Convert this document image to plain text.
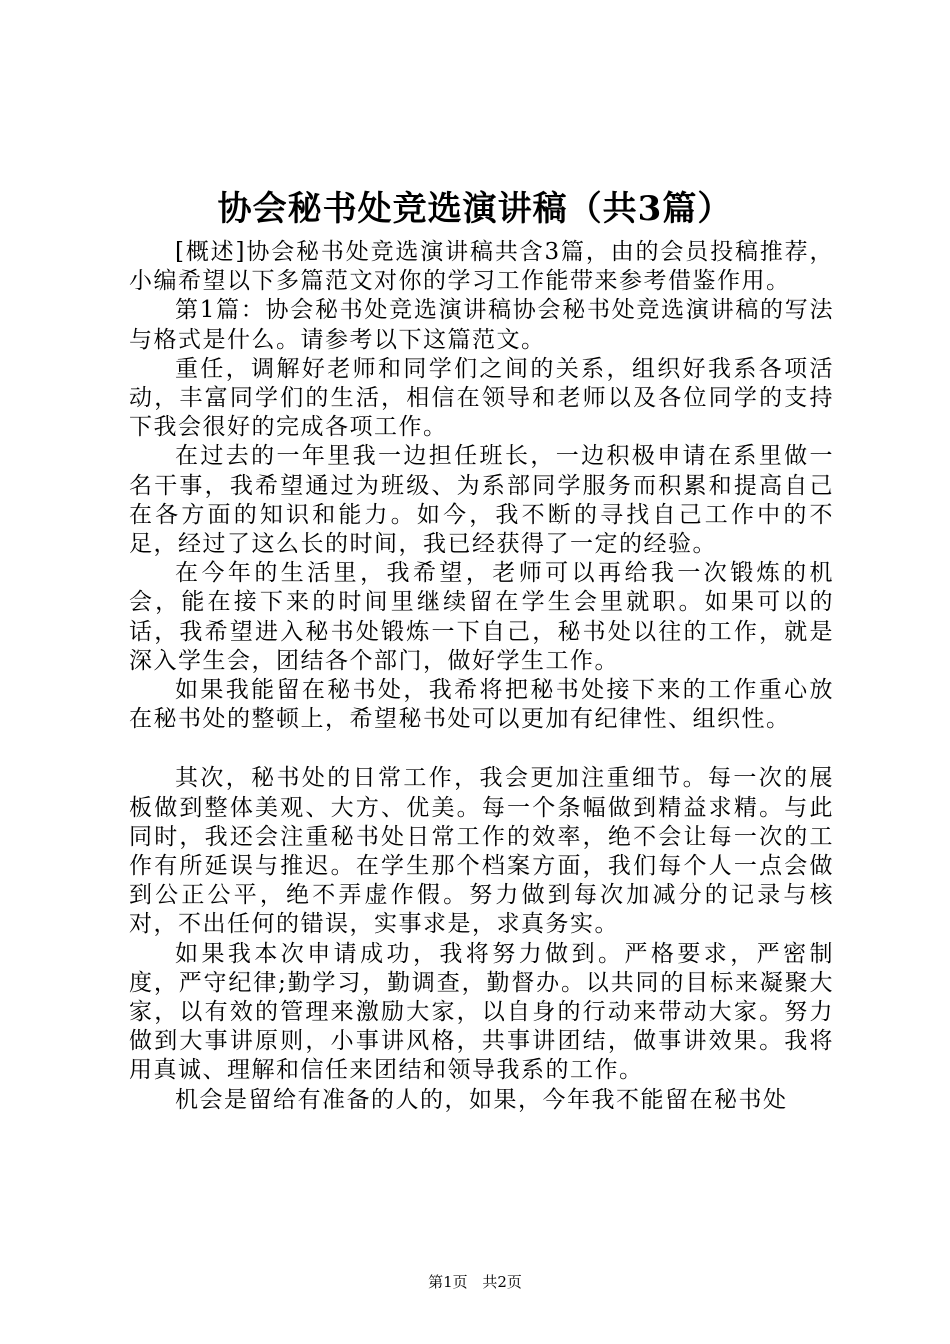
协会秘书处竞选演讲稿（共3篇）

[概述]协会秘书处竞选演讲稿共含3篇，由的会员投稿推荐，小编希望以下多篇范文对你的学习工作能带来参考借鉴作用。

第1篇：协会秘书处竞选演讲稿协会秘书处竞选演讲稿的写法与格式是什么。请参考以下这篇范文。

重任，调解好老师和同学们之间的关系，组织好我系各项活动，丰富同学们的生活，相信在领导和老师以及各位同学的支持下我会很好的完成各项工作。

在过去的一年里我一边担任班长，一边积极申请在系里做一名干事，我希望通过为班级、为系部同学服务而积累和提高自己在各方面的知识和能力。如今，我不断的寻找自己工作中的不足，经过了这么长的时间，我已经获得了一定的经验。

在今年的生活里，我希望，老师可以再给我一次锻炼的机会，能在接下来的时间里继续留在学生会里就职。如果可以的话，我希望进入秘书处锻炼一下自己，秘书处以往的工作，就是深入学生会，团结各个部门，做好学生工作。

如果我能留在秘书处，我希将把秘书处接下来的工作重心放在秘书处的整顿上，希望秘书处可以更加有纪律性、组织性。

其次，秘书处的日常工作，我会更加注重细节。每一次的展板做到整体美观、大方、优美。每一个条幅做到精益求精。与此同时，我还会注重秘书处日常工作的效率，绝不会让每一次的工作有所延误与推迟。在学生那个档案方面，我们每个人一点会做到公正公平，绝不弄虚作假。努力做到每次加减分的记录与核对，不出任何的错误，实事求是，求真务实。

如果我本次申请成功，我将努力做到。严格要求，严密制度，严守纪律;勤学习，勤调查，勤督办。以共同的目标来凝聚大家，以有效的管理来激励大家，以自身的行动来带动大家。努力做到大事讲原则，小事讲风格，共事讲团结，做事讲效果。我将用真诚、理解和信任来团结和领导我系的工作。

机会是留给有准备的人的，如果，今年我不能留在秘书处

第1页 共2页
